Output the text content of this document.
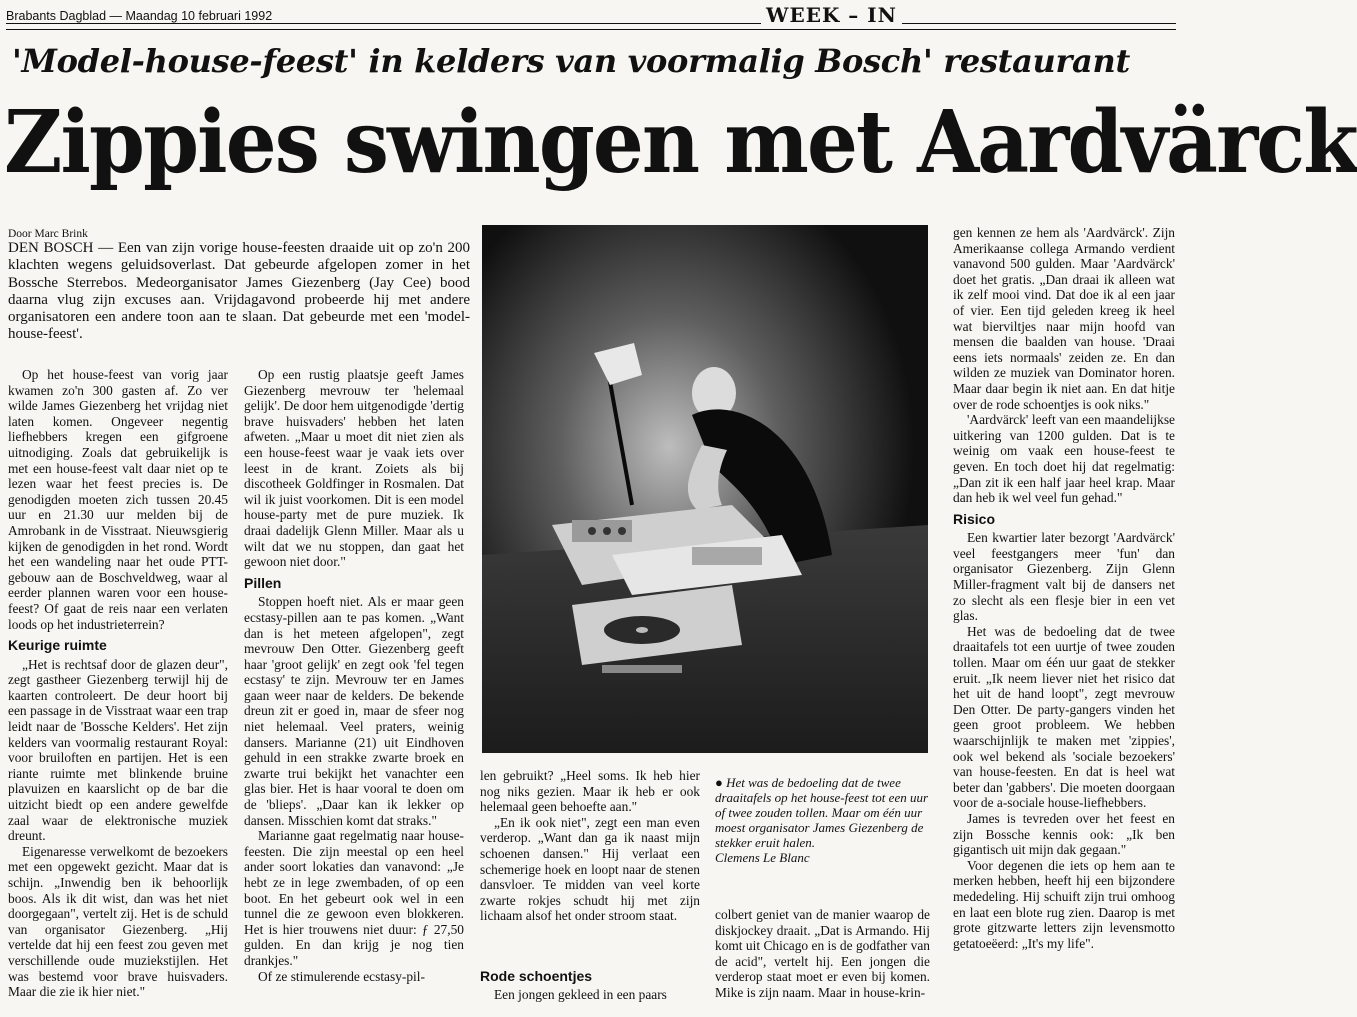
Brabants Dagblad — Maandag 10 februari 1992	WEEK – IN
'Model-house-feest' in kelders van voormalig Bosch' restaurant
Zippies swingen met Aardvärck
Door Marc Brink
DEN BOSCH — Een van zijn vorige house-feesten draaide uit op zo'n 200 klachten wegens geluidsoverlast. Dat gebeurde afgelopen zomer in het Bossche Sterrebos. Medeorganisator James Giezenberg (Jay Cee) bood daarna vlug zijn excuses aan. Vrijdagavond probeerde hij met andere organisatoren een andere toon aan te slaan. Dat gebeurde met een 'model-house-feest'.

Op het house-feest van vorig jaar kwamen zo'n 300 gasten af. Zo ver wilde James Giezenberg het vrijdag niet laten komen. Ongeveer negentig liefhebbers kregen een gifgroene uitnodiging. Zoals dat gebruikelijk is met een house-feest valt daar niet op te lezen waar het feest precies is. De genodigden moeten zich tussen 20.45 uur en 21.30 uur melden bij de Amrobank in de Visstraat. Nieuwsgierig kijken de genodigden in het rond. Wordt het een wandeling naar het oude PTT-gebouw aan de Boschveldweg, waar al eerder plannen waren voor een house-feest? Of gaat de reis naar een verlaten loods op het industrieterrein?

Keurige ruimte

„Het is rechtsaf door de glazen deur", zegt gastheer Giezenberg terwijl hij de kaarten controleert. De deur hoort bij een passage in de Visstraat waar een trap leidt naar de 'Bossche Kelders'. Het zijn kelders van voormalig restaurant Royal: voor bruiloften en partijen. Het is een riante ruimte met blinkende bruine plavuizen en kaarslicht op de bar die uitzicht biedt op een andere gewelfde zaal waar de elektronische muziek dreunt.

Eigenaresse verwelkomt de bezoekers met een opgewekt gezicht. Maar dat is schijn. „Inwendig ben ik behoorlijk boos. Als ik dit wist, dan was het niet doorgegaan", vertelt zij. Het is de schuld van organisator Giezenberg. „Hij vertelde dat hij een feest zou geven met verschillende oude muziekstijlen. Het was bestemd voor brave huisvaders. Maar die zie ik hier niet."

Op een rustig plaatsje geeft James Giezenberg mevrouw ter 'helemaal gelijk'. De door hem uitgenodigde 'dertig brave huisvaders' hebben het laten afweten. „Maar u moet dit niet zien als een house-feest waar je vaak iets over leest in de krant. Zoiets als bij discotheek Goldfinger in Rosmalen. Dat wil ik juist voorkomen. Dit is een model house-party met de pure muziek. Ik draai dadelijk Glenn Miller. Maar als u wilt dat we nu stoppen, dan gaat het gewoon niet door."

Pillen

Stoppen hoeft niet. Als er maar geen ecstasy-pillen aan te pas komen. „Want dan is het meteen afgelopen", zegt mevrouw Den Otter. Giezenberg geeft haar 'groot gelijk' en zegt ook 'fel tegen ecstasy' te zijn. Mevrouw ter en James gaan weer naar de kelders. De bekende dreun zit er goed in, maar de sfeer nog niet helemaal. Veel praters, weinig dansers. Marianne (21) uit Eindhoven gehuld in een strakke zwarte broek en zwarte trui bekijkt het vanachter een glas bier. Het is haar vooral te doen om de 'blieps'. „Daar kan ik lekker op dansen. Misschien komt dat straks."

Marianne gaat regelmatig naar house-feesten. Die zijn meestal op een heel ander soort lokaties dan vanavond: „Je hebt ze in lege zwembaden, of op een boot. En het gebeurt ook wel in een tunnel die ze gewoon even blokkeren. Het is hier trouwens niet duur: ƒ 27,50 gulden. En dan krijg je nog tien drankjes."

Of ze stimulerende ecstasy-pil-

len gebruikt? „Heel soms. Ik heb hier nog niks gezien. Maar ik heb er ook helemaal geen behoefte aan."

„En ik ook niet", zegt een man even verderop. „Want dan ga ik naast mijn schoenen dansen." Hij verlaat een schemerige hoek en loopt naar de stenen dansvloer. Te midden van veel korte zwarte rokjes schudt hij met zijn lichaam alsof het onder stroom staat.

Rode schoentjes

Een jongen gekleed in een paars

● Het was de bedoeling dat de twee draaitafels op het house-feest tot een uur of twee zouden tollen. Maar om één uur moest organisator James Giezenberg de stekker eruit halen.
Clemens Le Blanc

colbert geniet van de manier waarop de diskjockey draait. „Dat is Armando. Hij komt uit Chicago en is de godfather van de acid", vertelt hij. Een jongen die verderop staat moet er even bij komen. Mike is zijn naam. Maar in house-krin-

gen kennen ze hem als 'Aardvärck'. Zijn Amerikaanse collega Armando verdient vanavond 500 gulden. Maar 'Aardvärck' doet het gratis. „Dan draai ik alleen wat ik zelf mooi vind. Dat doe ik al een jaar of vier. Een tijd geleden kreeg ik heel wat bierviltjes naar mijn hoofd van mensen die baalden van house. 'Draai eens iets normaals' zeiden ze. En dan wilden ze muziek van Dominator horen. Maar daar begin ik niet aan. En dat hitje over de rode schoentjes is ook niks."

'Aardvärck' leeft van een maandelijkse uitkering van 1200 gulden. Dat is te weinig om vaak een house-feest te geven. En toch doet hij dat regelmatig: „Dan zit ik een half jaar heel krap. Maar dan heb ik wel veel fun gehad."

Risico

Een kwartier later bezorgt 'Aardvärck' veel feestgangers meer 'fun' dan organisator Giezenberg. Zijn Glenn Miller-fragment valt bij de dansers net zo slecht als een flesje bier in een vet glas.

Het was de bedoeling dat de twee draaitafels tot een uurtje of twee zouden tollen. Maar om één uur gaat de stekker eruit. „Ik neem liever niet het risico dat het uit de hand loopt", zegt mevrouw Den Otter. De party-gangers vinden het geen groot probleem. We hebben waarschijnlijk te maken met 'zippies', ook wel bekend als 'sociale bezoekers' van house-feesten. En dat is heel wat beter dan 'gabbers'. Die moeten doorgaan voor de a-sociale house-liefhebbers.

James is tevreden over het feest en zijn Bossche kennis ook: „Ik ben gigantisch uit mijn dak gegaan."

Voor degenen die iets op hem aan te merken hebben, heeft hij een bijzondere mededeling. Hij schuift zijn trui omhoog en laat een blote rug zien. Daarop is met grote gitzwarte letters zijn levensmotto getatoeëerd: „It's my life".
